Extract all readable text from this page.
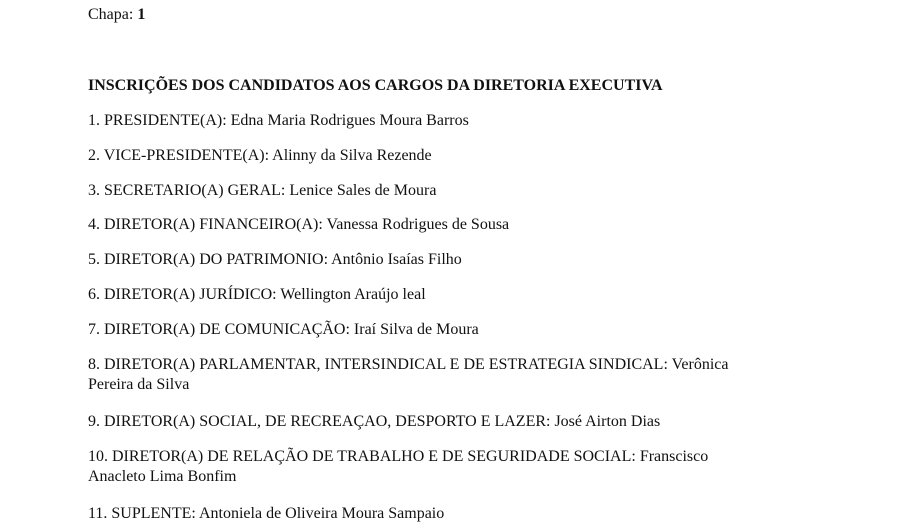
Chapa: 1
INSCRIÇÕES DOS CANDIDATOS AOS CARGOS DA DIRETORIA EXECUTIVA
1. PRESIDENTE(A): Edna Maria Rodrigues Moura Barros
2. VICE-PRESIDENTE(A): Alinny da Silva Rezende
3. SECRETARIO(A) GERAL: Lenice Sales de Moura
4. DIRETOR(A) FINANCEIRO(A): Vanessa Rodrigues de Sousa
5. DIRETOR(A) DO PATRIMONIO: Antônio Isaías Filho
6. DIRETOR(A) JURÍDICO: Wellington Araújo leal
7. DIRETOR(A) DE COMUNICAÇÃO: Iraí Silva de Moura
8. DIRETOR(A) PARLAMENTAR, INTERSINDICAL E DE ESTRATEGIA SINDICAL: Verônica
Pereira da Silva
9. DIRETOR(A) SOCIAL, DE RECREAÇAO, DESPORTO E LAZER: José Airton Dias
10. DIRETOR(A) DE RELAÇÃO DE TRABALHO E DE SEGURIDADE SOCIAL: Franscisco
Anacleto Lima Bonfim
11. SUPLENTE: Antoniela de Oliveira Moura Sampaio
